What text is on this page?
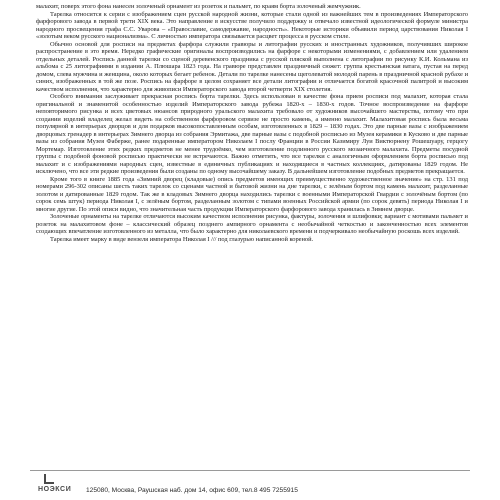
малахит, поверх этого фона нанесен золоченый орнамент из розеток и пальмет, по краям борта золоченый жемчужник.

Тарелка относится к серии с изображением сцен русской народной жизни, которые стали одной из важнейших тем в произведениях Императорского фарфорового завода в первой трети XIX века. Это направление в искусстве получило поддержку и отвечало известной идеологической формуле министра народного просвещения графа С.С. Уварова – «Православие, самодержавие, народность». Некоторые историки объявили период царствования Николая I «золотым веком русского национализма». С личностью императора связывается pасцвет процесса в русском стиле.

Обычно основой для росписи на предметах фарфора служили гравюры и литографии русских и иностранных художников, получивших широкое распространение в это время. Нередко графические оригиналы воспроизводились на фарфоре с некоторыми изменениями, с добавлением или удалением отдельных деталей. Роспись данной тарелки со сценой деревенского праздника с русской пляской выполнена с литографии по рисунку К.И. Кольмана из альбома с 25 литографиями в издании А. Плюшара 1823 года. На гравюре представлен праздничный сюжет: группа крестьянская ватага, пустая на перед домом, слева мужчина и женщина, около которых бегает ребенок. Детали по тарелке нанесены щеголеватой молодой парень в праздничной красной рубахе и синих, изображенных в той же позе. Роспись на фарфоре в целом сохраняет все детали литографии и отличается богатой красочной палитрой и высоким качеством исполнения, что характерно для живописи Императорского завода второй четверти XIX столетия.

Особого внимания заслуживает прекрасная роспись борта тарелки. Здесь использован в качестве фона прием росписи под малахит, которая стала оригинальной и знаменитой особенностью изделий Императорского завода рубежа 1820-х – 1830-х годов. Точное воспроизведение на фарфоре неповторимого рисунка и всех цветовых нюансов природного уральского малахита требовало от художников высочайшего мастерства, потому что при создании изделий владелец желал видеть на собственном фарфоровом сервизе не просто камень, а именно малахит. Малахитовая роспись была весьма популярной в интерьерах дворцов и для подарков высокопоставленным особам, изготовленных в 1829 – 1830 годах. Это две парные вазы с изображением дворцовых гренадер в интерьерах Зимнего дворца из собрания Эрмитажа, две парные вазы с подобной росписью из Музея керамики в Кусково и две парные вазы из собрания Музея Фаберже, ранее подаренные императором Николаем I послу Франции в России Казимиру Луи Виктюрнену Рошешуару, герцогу Мортемар. Изготовление этих редких предметов не менее трудоёмко, чем изготовление подлинного русского мозаичного малахита. Предметы посудной группы с подобной фоновой росписью практически не встречаются. Важно отметить, что все тарелки с аналогичным оформлением борта росписью под малахит и с изображениями народных сцен, известные в единичных публикациях и находящиеся в частных коллекциях, датированы 1829 годом. Не исключено, что все эти редкие произведения были созданы по одному высочайшему заказу. В дальнейшем изготовление подобных предметов прекращается.

Кроме того в книге 1885 года «Зимний дворец (кладовые) опись предметов имеющих преимущественно художественное значение» на стр. 131 под номерами 296-302 описаны шесть таких тарелок со сценами частной и бытовой жизни на дне тарелки, с зелёным бортом под камень малахит, разделанные золотом и датированные 1829 годом. Так же в кладовых Зимнего дворца находились тарелки с военными Императорской Гвардии с золочёным бортом (по сорок семь штук) периода Николая I, с зелёным бортом, разделанным золотом с типами военных Российской армии (по сорок девять) периода Николая I и многие другие. По этой описи видно, что значительная часть продукции Императорского фарфорового завода хранилась в Зимнем дворце.

Золоченые орнаменты на тарелке отличаются высоким качеством исполнения рисунка, фактуры, золочения и шлифовки; вариант с мотивами пальмет и розеток на малахитовом фоне – классический образец позднего ампирного орнамента с необычайной четкостью и законченностью всех элементов создающих впечатление изготовленного из металла, что было характерно для николаевского времени и подчеркивало необычайную роскошь всех изделий.

Тарелка имеет марку в виде вензеля императора Николая I /// под глазурью написанной кореной.

НОЭКСИ 125080, Москва, Раушская наб. дом 14, офис 609, тел.8 495 7255915
